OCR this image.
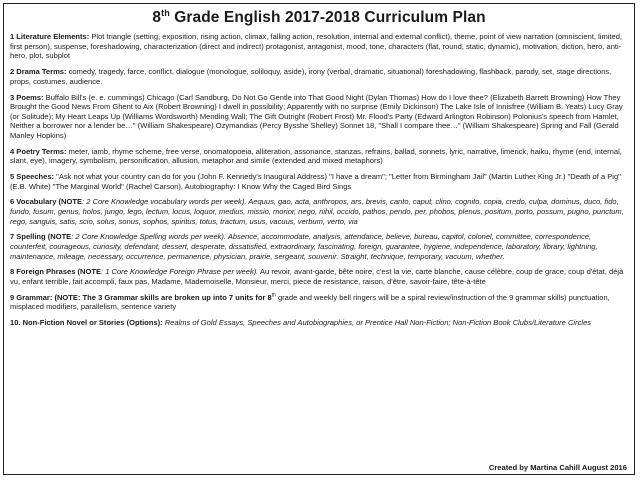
8th Grade English 2017-2018 Curriculum Plan

1 Literature Elements: Plot triangle (setting, exposition, rising action, climax, falling action, resolution, internal and external conflict), theme, point of view narration (omniscient, limited, first person), suspense, foreshadowing, characterization (direct and indirect) protagonist, antagonist, mood, tone, characters (flat, round, static, dynamic), motivation, diction, hero, anti-hero, plot, subplot

2 Drama Terms: comedy, tragedy, farce, conflict, dialogue (monologue, soliloquy, aside), irony (verbal, dramatic, situational) foreshadowing, flashback, parody, set, stage directions, props, costumes, audience.

3 Poems: Buffalo Bill's (e. e. cummings) Chicago (Carl Sandburg, Do Not Go Gentle into That Good Night (Dylan Thomas) How do I love thee? (Elizabeth Barrett Browning) How They Brought the Good News From Ghent to Aix (Robert Browning) I dwell in possibility; Apparently with no surprise (Emily Dickinson) The Lake Isle of Innisfree (William B. Yeats) Lucy Gray (or Solitude); My Heart Leaps Up (Williams Wordsworth) Mending Wall; The Gift Outright (Robert Frost) Mr. Flood's Party (Edward Arlington Robinson) Polonius's speech from Hamlet, Neither a borrower nor a lender be…" (William Shakespeare) Ozymandias (Percy Bysshe Shelley) Sonnet 18, "Shall I compare thee…" (William Shakespeare) Spring and Fall (Gerald Manley Hopkins)

4 Poetry Terms: meter, iamb, rhyme scheme, free verse, onomatopoeia, alliteration, assonance, stanzas, refrains, ballad, sonnets, lyric, narrative, limerick, haiku, rhyme (end, internal, slant, eye), imagery, symbolism, personification, allusion, metaphor and simile (extended and mixed metaphors)

5 Speeches: "Ask not what your country can do for you (John F. Kennedy's Inaugural Address) "I have a dream"; "Letter from Birmingham Jail" (Martin Luther King Jr.) "Death of a Pig" (E.B. White) "The Marginal World" (Rachel Carson), Autobiography: I Know Why the Caged Bird Sings

6 Vocabulary (NOTE: 2 Core Knowledge vocabulary words per week). Aequus, gao, acta, anthropos, ars, brevis, canto, caput, clino, cognito, copia, credo, culpa, dominus, duco, fido, fundo, fusum, genus, holos, jungo, lego, lectum, locus, loquor, medius, missio, morior, nego, nihil, occido, pathos, pendo, per, phobos, plenus, positum, porto, possum, pugno, punctum, rego, sanguis, satis, scio, solus, sonus, sophos, spiritus, totus, tractum, usus, vacuus, verbum, verto, via

7 Spelling (NOTE: 2 Core Knowledge Spelling words per week). Absence, accommodate, analysis, attendance, believe, bureau, capitol, colonel, committee, correspondence, counterfeit, courageous, curiosity, defendant, dessert, desperate, dissatisfied, extraordinary, fascinating, foreign, guarantee, hygiene, independence, laboratory, library, lightning, maintenance, mileage, necessary, occurrence, permanence, physician, prairie, sergeant, souvenir. Straight, technique, temporary, vacuum, whether.

8 Foreign Phrases (NOTE: 1 Core Knowledge Foreign Phrase per week). Au revoir, avant-garde, bête noire, c'est la vie, carte blanche, cause célèbre, coup de grace, coup d'état, déjà vu, enfant terrible, fait accompli, faux pas, Madame, Mademoiselle, Monsieur, merci, piece de resistance, raison, d'être, savoir-faire, tête-à-tête

9 Grammar: (NOTE: The 3 Grammar skills are broken up into 7 units for 8th grade and weekly bell ringers will be a spiral review/instruction of the 9 grammar skills) punctuation, misplaced modifiers, parallelism, sentence variety

10. Non-Fiction Novel or Stories (Options): Realms of Gold Essays, Speeches and Autobiographies, or Prentice Hall Non-Fiction; Non-Fiction Book Clubs/Literature Circles

Created by Martina Cahill August 2016
